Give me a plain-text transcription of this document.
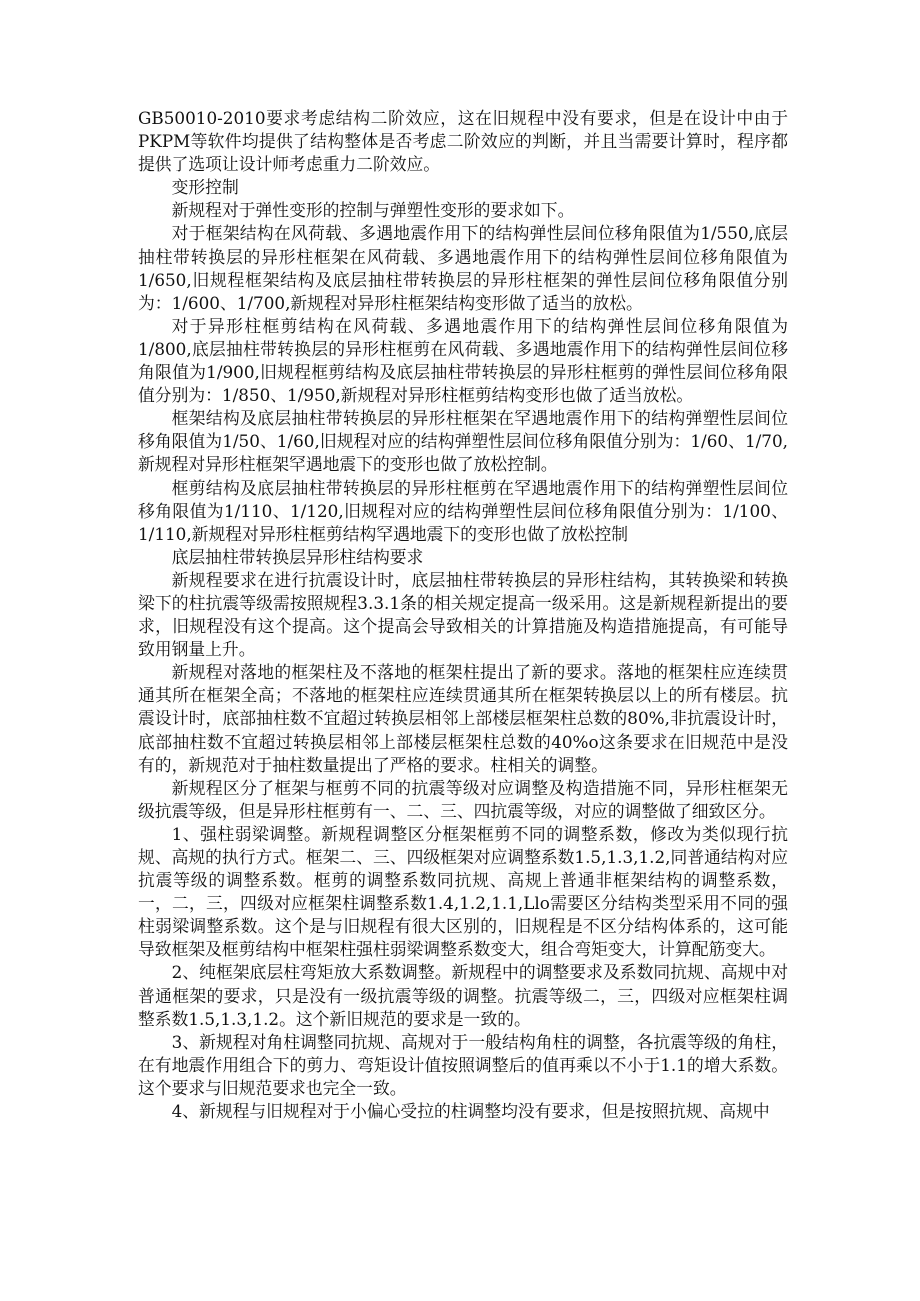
GB50010-2010要求考虑结构二阶效应，这在旧规程中没有要求，但是在设计中由于PKPM等软件均提供了结构整体是否考虑二阶效应的判断，并且当需要计算时，程序都提供了选项让设计师考虑重力二阶效应。

变形控制

新规程对于弹性变形的控制与弹塑性变形的要求如下。

对于框架结构在风荷载、多遇地震作用下的结构弹性层间位移角限值为1/550,底层抽柱带转换层的异形柱框架在风荷载、多遇地震作用下的结构弹性层间位移角限值为1/650,旧规程框架结构及底层抽柱带转换层的异形柱框架的弹性层间位移角限值分别为：1/600、1/700,新规程对异形柱框架结构变形做了适当的放松。

对于异形柱框剪结构在风荷载、多遇地震作用下的结构弹性层间位移角限值为1/800,底层抽柱带转换层的异形柱框剪在风荷载、多遇地震作用下的结构弹性层间位移角限值为1/900,旧规程框剪结构及底层抽柱带转换层的异形柱框剪的弹性层间位移角限值分别为：1/850、1/950,新规程对异形柱框剪结构变形也做了适当放松。

框架结构及底层抽柱带转换层的异形柱框架在罕遇地震作用下的结构弹塑性层间位移角限值为1/50、1/60,旧规程对应的结构弹塑性层间位移角限值分别为：1/60、1/70,新规程对异形柱框架罕遇地震下的变形也做了放松控制。

框剪结构及底层抽柱带转换层的异形柱框剪在罕遇地震作用下的结构弹塑性层间位移角限值为1/110、1/120,旧规程对应的结构弹塑性层间位移角限值分别为：1/100、1/110,新规程对异形柱框剪结构罕遇地震下的变形也做了放松控制

底层抽柱带转换层异形柱结构要求

新规程要求在进行抗震设计时，底层抽柱带转换层的异形柱结构，其转换梁和转换梁下的柱抗震等级需按照规程3.3.1条的相关规定提高一级采用。这是新规程新提出的要求，旧规程没有这个提高。这个提高会导致相关的计算措施及构造措施提高，有可能导致用钢量上升。

新规程对落地的框架柱及不落地的框架柱提出了新的要求。落地的框架柱应连续贯通其所在框架全高；不落地的框架柱应连续贯通其所在框架转换层以上的所有楼层。抗震设计时，底部抽柱数不宜超过转换层相邻上部楼层框架柱总数的80%,非抗震设计时，底部抽柱数不宜超过转换层相邻上部楼层框架柱总数的40%o这条要求在旧规范中是没有的，新规范对于抽柱数量提出了严格的要求。柱相关的调整。

新规程区分了框架与框剪不同的抗震等级对应调整及构造措施不同，异形柱框架无级抗震等级，但是异形柱框剪有一、二、三、四抗震等级，对应的调整做了细致区分。

1、强柱弱梁调整。新规程调整区分框架框剪不同的调整系数，修改为类似现行抗规、高规的执行方式。框架二、三、四级框架对应调整系数1.5,1.3,1.2,同普通结构对应抗震等级的调整系数。框剪的调整系数同抗规、高规上普通非框架结构的调整系数，一，二，三，四级对应框架柱调整系数1.4,1.2,1.1,Llo需要区分结构类型采用不同的强柱弱梁调整系数。这个是与旧规程有很大区别的，旧规程是不区分结构体系的，这可能导致框架及框剪结构中框架柱强柱弱梁调整系数变大，组合弯矩变大，计算配筋变大。

2、纯框架底层柱弯矩放大系数调整。新规程中的调整要求及系数同抗规、高规中对普通框架的要求，只是没有一级抗震等级的调整。抗震等级二，三，四级对应框架柱调整系数1.5,1.3,1.2。这个新旧规范的要求是一致的。

3、新规程对角柱调整同抗规、高规对于一般结构角柱的调整，各抗震等级的角柱，在有地震作用组合下的剪力、弯矩设计值按照调整后的值再乘以不小于1.1的增大系数。这个要求与旧规范要求也完全一致。

4、新规程与旧规程对于小偏心受拉的柱调整均没有要求，但是按照抗规、高规中
